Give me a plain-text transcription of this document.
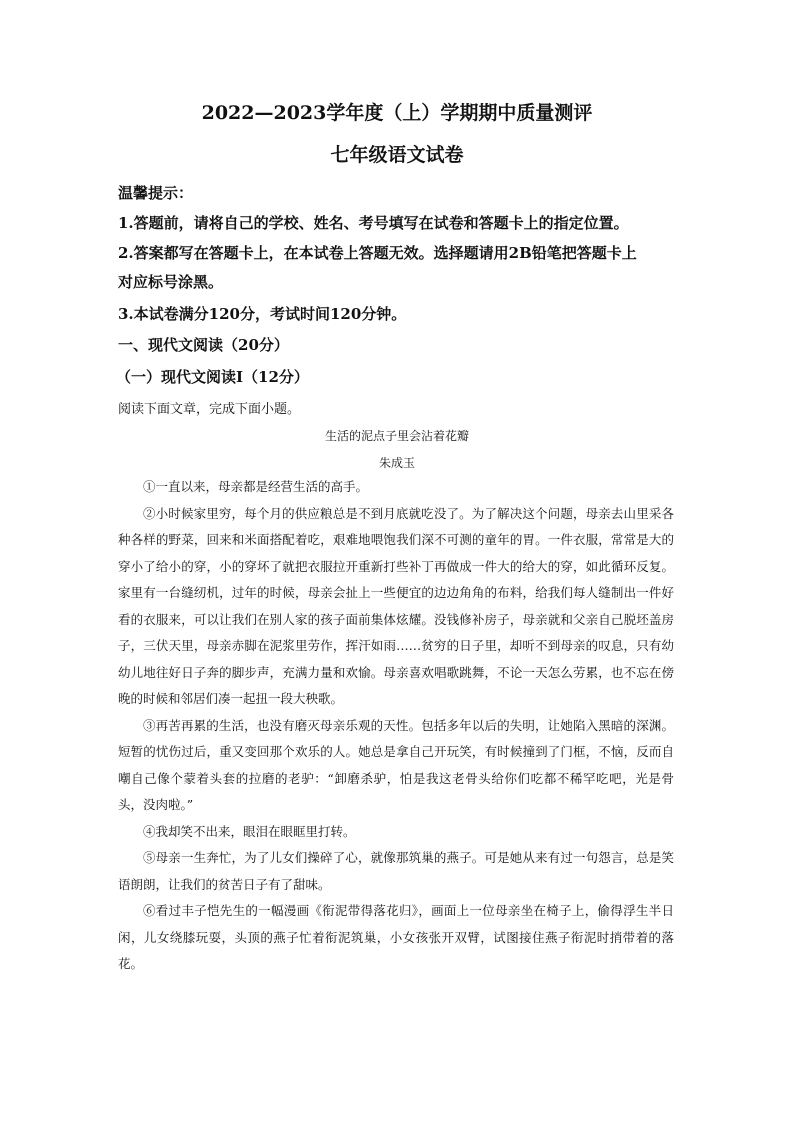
2022—2023学年度（上）学期期中质量测评
七年级语文试卷
温馨提示：
1.答题前，请将自己的学校、姓名、考号填写在试卷和答题卡上的指定位置。
2.答案都写在答题卡上，在本试卷上答题无效。选择题请用2B铅笔把答题卡上
对应标号涂黑。
3.本试卷满分120分，考试时间120分钟。
一、现代文阅读（20分）
（一）现代文阅读Ⅰ（12分）
阅读下面文章，完成下面小题。
生活的泥点子里会沾着花瓣
朱成玉

①一直以来，母亲都是经营生活的高手。

②小时候家里穷，每个月的供应粮总是不到月底就吃没了。为了解决这个问题，母亲去山里采各种各样的野菜，回来和米面搭配着吃，艰难地喂饱我们深不可测的童年的胃。一件衣服，常常是大的穿小了给小的穿，小的穿坏了就把衣服拉开重新打些补丁再做成一件大的给大的穿，如此循环反复。家里有一台缝纫机，过年的时候，母亲会扯上一些便宜的边边角角的布料，给我们每人缝制出一件好看的衣服来，可以让我们在别人家的孩子面前集体炫耀。没钱修补房子，母亲就和父亲自己脱坯盖房子，三伏天里，母亲赤脚在泥浆里劳作，挥汗如雨……贫穷的日子里，却听不到母亲的叹息，只有幼幼儿地往好日子奔的脚步声，充满力量和欢愉。母亲喜欢唱歌跳舞，不论一天怎么劳累，也不忘在傍晚的时候和邻居们凑一起扭一段大秧歌。

③再苦再累的生活，也没有磨灭母亲乐观的天性。包括多年以后的失明，让她陷入黑暗的深渊。短暂的忧伤过后，重又变回那个欢乐的人。她总是拿自己开玩笑，有时候撞到了门框，不恼，反而自嘲自己像个蒙着头套的拉磨的老驴：“卸磨杀驴，怕是我这老骨头给你们吃都不稀罕吃吧，光是骨头，没肉啦。”

④我却笑不出来，眼泪在眼眶里打转。

⑤母亲一生奔忙，为了儿女们操碎了心，就像那筑巢的燕子。可是她从来有过一句怨言，总是笑语朗朗，让我们的贫苦日子有了甜味。

⑥看过丰子恺先生的一幅漫画《衔泥带得落花归》，画面上一位母亲坐在椅子上，偷得浮生半日闲，儿女绕膝玩耍，头顶的燕子忙着衔泥筑巢，小女孩张开双臂，试图接住燕子衔泥时捎带着的落花。
